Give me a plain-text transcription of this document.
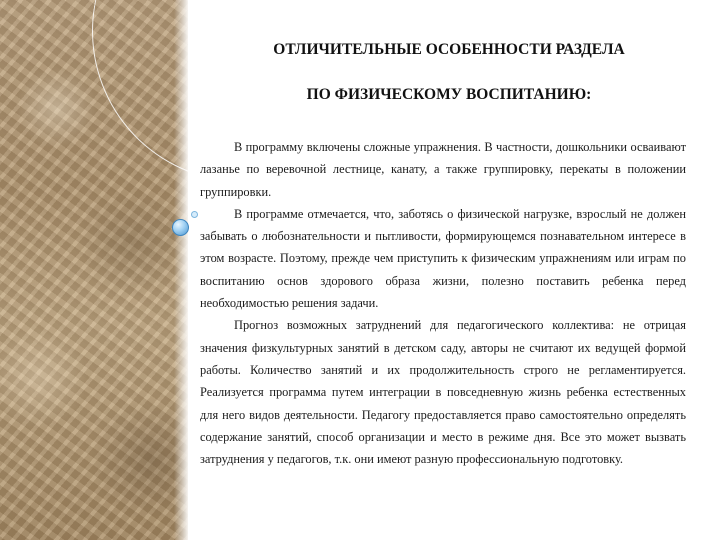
ОТЛИЧИТЕЛЬНЫЕ ОСОБЕННОСТИ РАЗДЕЛА
ПО ФИЗИЧЕСКОМУ ВОСПИТАНИЮ:

В программу включены сложные упражнения. В частности, дошкольники осваивают лазанье по веревочной лестнице, канату, а также группировку, перекаты в положении группировки.

В программе отмечается, что, заботясь о физической нагрузке, взрослый не должен забывать о любознательности и пытливости, формирующемся познавательном интересе в этом возрасте. Поэтому, прежде чем приступить к физическим упражнениям или играм по воспитанию основ здорового образа жизни, полезно поставить ребенка перед необходимостью решения задачи.

Прогноз возможных затруднений для педагогического коллектива: не отрицая значения физкультурных занятий в детском саду, авторы не считают их ведущей формой работы. Количество занятий и их продолжительность строго не регламентируется. Реализуется программа путем интеграции в повседневную жизнь ребенка естественных для него видов деятельности. Педагогу предоставляется право самостоятельно определять содержание занятий, способ организации и место в режиме дня. Все это может вызвать затруднения у педагогов, т.к. они имеют разную профессиональную подготовку.
